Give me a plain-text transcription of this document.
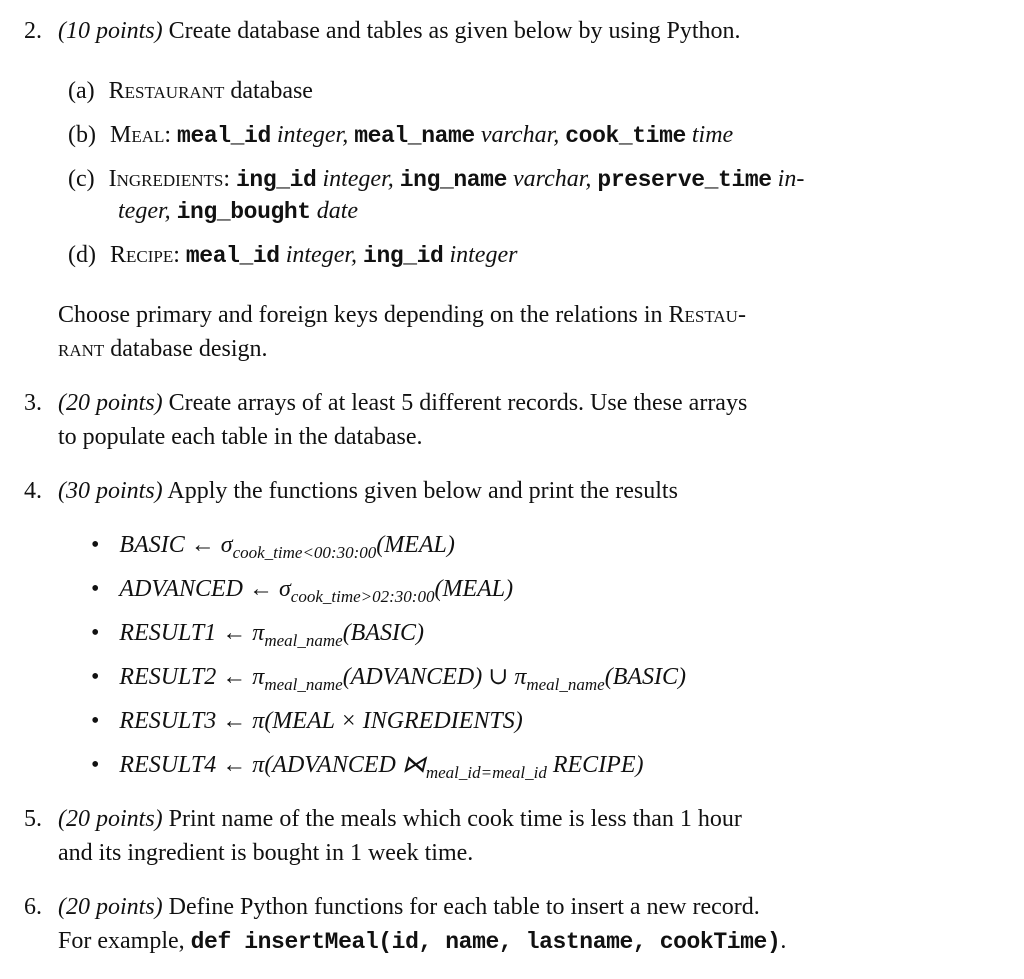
2. (10 points) Create database and tables as given below by using Python.
(a) Restaurant database
(b) Meal: meal_id integer, meal_name varchar, cook_time time
(c) Ingredients: ing_id integer, ing_name varchar, preserve_time in-
teger, ing_bought date
(d) Recipe: meal_id integer, ing_id integer
Choose primary and foreign keys depending on the relations in Restau-
rant database design.
3. (20 points) Create arrays of at least 5 different records. Use these arrays
to populate each table in the database.
4. (30 points) Apply the functions given below and print the results
• BASIC ← $\sigma_{cook\_time<00:30:00}(MEAL)$
• ADVANCED ← $\sigma_{cook\_time>02:30:00}(MEAL)$
• RESULT1 ← $\pi_{meal\_name}(BASIC)$
• RESULT2 ← $\pi_{meal\_name}(ADVANCED)$ ∪ $\pi_{meal\_name}(BASIC)$
• RESULT3 ← π(MEAL × INGREDIENTS)
• RESULT4 ← π(ADVANCED $⋈_{meal\_id=meal\_id}$ RECIPE)
5. (20 points) Print name of the meals which cook time is less than 1 hour
and its ingredient is bought in 1 week time.
6. (20 points) Define Python functions for each table to insert a new record.
For example, def insertMeal(id, name, lastname, cookTime).
